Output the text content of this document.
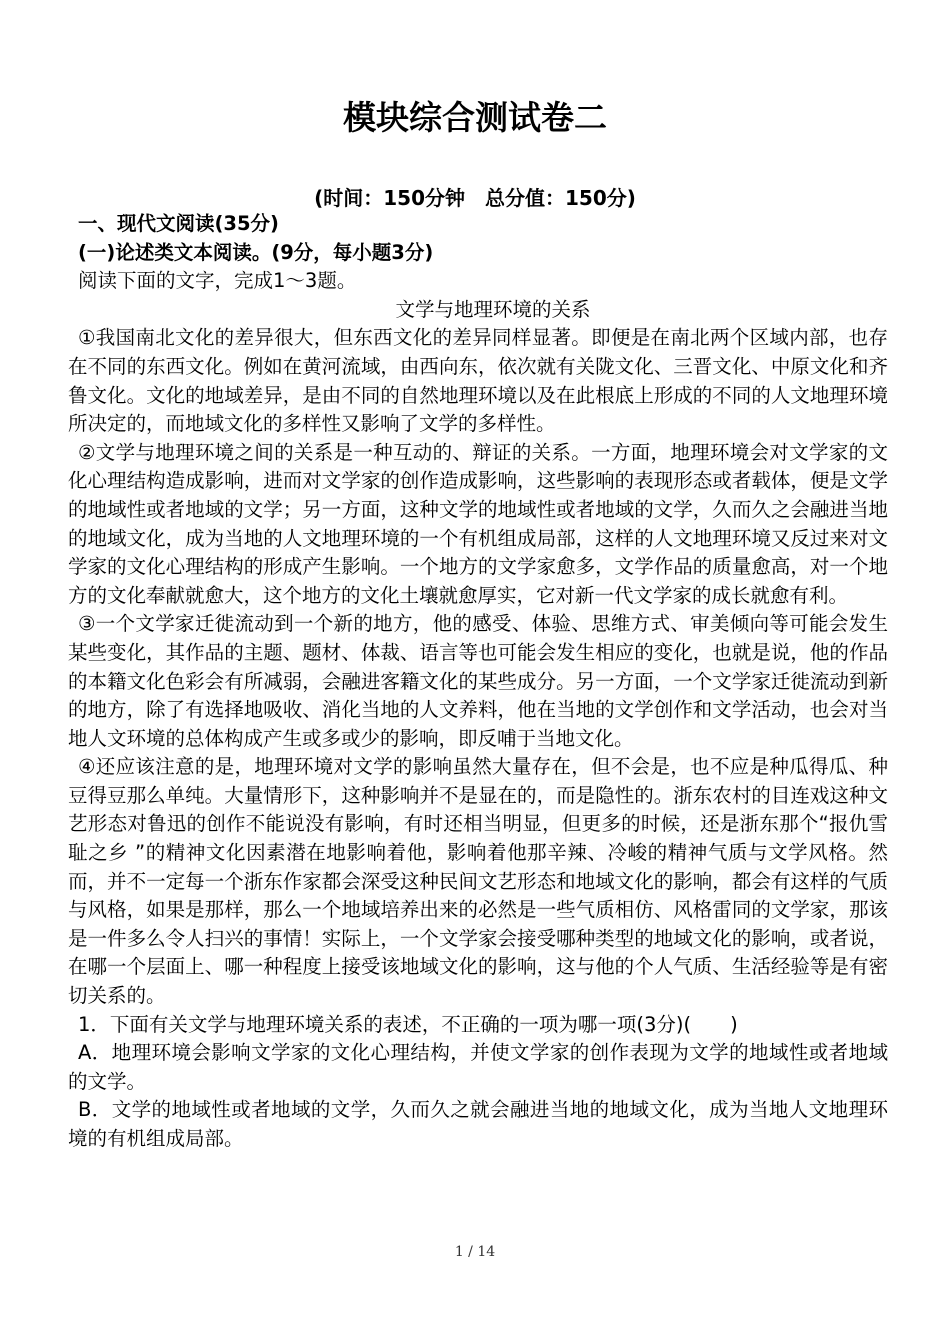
模块综合测试卷二
(时间：150分钟　总分值：150分)
一、现代文阅读(35分)
(一)论述类文本阅读。(9分，每小题3分)
阅读下面的文字，完成1～3题。
文学与地理环境的关系
①我国南北文化的差异很大，但东西文化的差异同样显著。即便是在南北两个区域内部，也存在不同的东西文化。例如在黄河流域，由西向东，依次就有关陇文化、三晋文化、中原文化和齐鲁文化。文化的地域差异，是由不同的自然地理环境以及在此根底上形成的不同的人文地理环境所决定的，而地域文化的多样性又影响了文学的多样性。
②文学与地理环境之间的关系是一种互动的、辩证的关系。一方面，地理环境会对文学家的文化心理结构造成影响，进而对文学家的创作造成影响，这些影响的表现形态或者载体，便是文学的地域性或者地域的文学；另一方面，这种文学的地域性或者地域的文学，久而久之会融进当地的地域文化，成为当地的人文地理环境的一个有机组成局部，这样的人文地理环境又反过来对文学家的文化心理结构的形成产生影响。一个地方的文学家愈多，文学作品的质量愈高，对一个地方的文化奉献就愈大，这个地方的文化土壤就愈厚实，它对新一代文学家的成长就愈有利。
③一个文学家迁徙流动到一个新的地方，他的感受、体验、思维方式、审美倾向等可能会发生某些变化，其作品的主题、题材、体裁、语言等也可能会发生相应的变化，也就是说，他的作品的本籍文化色彩会有所减弱，会融进客籍文化的某些成分。另一方面，一个文学家迁徙流动到新的地方，除了有选择地吸收、消化当地的人文养料，他在当地的文学创作和文学活动，也会对当地人文环境的总体构成产生或多或少的影响，即反哺于当地文化。
④还应该注意的是，地理环境对文学的影响虽然大量存在，但不会是，也不应是种瓜得瓜、种豆得豆那么单纯。大量情形下，这种影响并不是显在的，而是隐性的。浙东农村的目连戏这种文艺形态对鲁迅的创作不能说没有影响，有时还相当明显，但更多的时候，还是浙东那个“报仇雪耻之乡 ”的精神文化因素潜在地影响着他，影响着他那辛辣、冷峻的精神气质与文学风格。然而，并不一定每一个浙东作家都会深受这种民间文艺形态和地域文化的影响，都会有这样的气质与风格，如果是那样，那么一个地域培养出来的必然是一些气质相仿、风格雷同的文学家，那该是一件多么令人扫兴的事情！实际上，一个文学家会接受哪种类型的地域文化的影响，或者说，在哪一个层面上、哪一种程度上接受该地域文化的影响，这与他的个人气质、生活经验等是有密切关系的。
1．下面有关文学与地理环境关系的表述，不正确的一项为哪一项(3分)(　　)
A．地理环境会影响文学家的文化心理结构，并使文学家的创作表现为文学的地域性或者地域的文学。
B．文学的地域性或者地域的文学，久而久之就会融进当地的地域文化，成为当地人文地理环境的有机组成局部。
1 / 14
